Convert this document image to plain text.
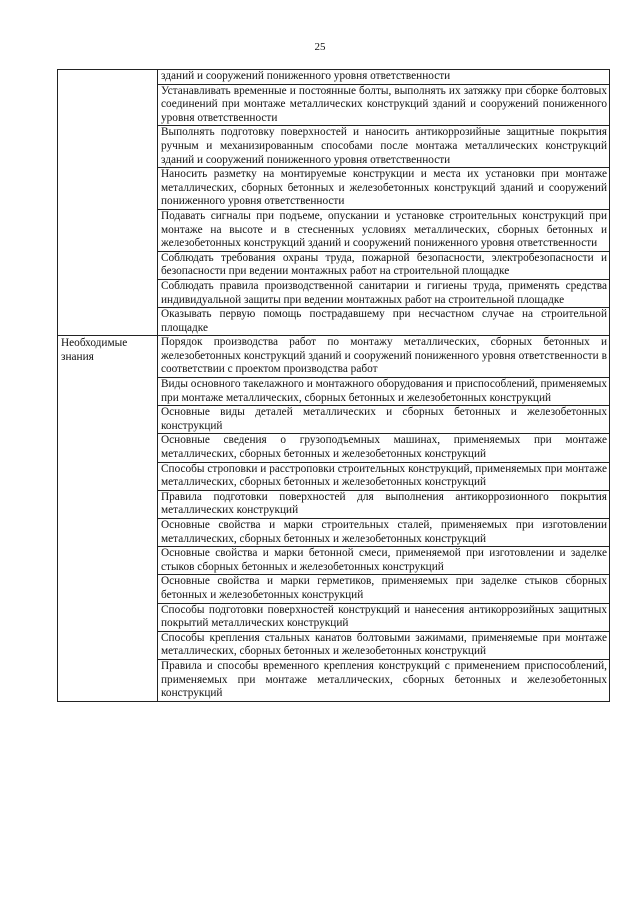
25
	зданий и сооружений пониженного уровня ответственности
	Устанавливать временные и постоянные болты, выполнять их затяжку при сборке болтовых соединений при монтаже металлических конструкций зданий и сооружений пониженного уровня ответственности
	Выполнять подготовку поверхностей и наносить антикоррозийные защитные покрытия ручным и механизированным способами после монтажа металлических конструкций зданий и сооружений пониженного уровня ответственности
	Наносить разметку на монтируемые конструкции и места их установки при монтаже металлических, сборных бетонных и железобетонных конструкций зданий и сооружений пониженного уровня ответственности
	Подавать сигналы при подъеме, опускании и установке строительных конструкций при монтаже на высоте и в стесненных условиях металлических, сборных бетонных и железобетонных конструкций зданий и сооружений пониженного уровня ответственности
	Соблюдать требования охраны труда, пожарной безопасности, электробезопасности и безопасности при ведении монтажных работ на строительной площадке
	Соблюдать правила производственной санитарии и гигиены труда, применять средства индивидуальной защиты при ведении монтажных работ на строительной площадке
	Оказывать первую помощь пострадавшему при несчастном случае на строительной площадке

Необходимые знания	Порядок производства работ по монтажу металлических, сборных бетонных и железобетонных конструкций зданий и сооружений пониженного уровня ответственности в соответствии с проектом производства работ
	Виды основного такелажного и монтажного оборудования и приспособлений, применяемых при монтаже металлических, сборных бетонных и железобетонных конструкций
	Основные виды деталей металлических и сборных бетонных и железобетонных конструкций
	Основные сведения о грузоподъемных машинах, применяемых при монтаже металлических, сборных бетонных и железобетонных конструкций
	Способы строповки и расстроповки строительных конструкций, применяемых при монтаже металлических, сборных бетонных и железобетонных конструкций
	Правила подготовки поверхностей для выполнения антикоррозионного покрытия металлических конструкций
	Основные свойства и марки строительных сталей, применяемых при изготовлении металлических, сборных бетонных и железобетонных конструкций
	Основные свойства и марки бетонной смеси, применяемой при изготовлении и заделке стыков сборных бетонных и железобетонных конструкций
	Основные свойства и марки герметиков, применяемых при заделке стыков сборных бетонных и железобетонных конструкций
	Способы подготовки поверхностей конструкций и нанесения антикоррозийных защитных покрытий металлических конструкций
	Способы крепления стальных канатов болтовыми зажимами, применяемые при монтаже металлических, сборных бетонных и железобетонных конструкций
	Правила и способы временного крепления конструкций с применением приспособлений, применяемых при монтаже металлических, сборных бетонных и железобетонных конструкций
